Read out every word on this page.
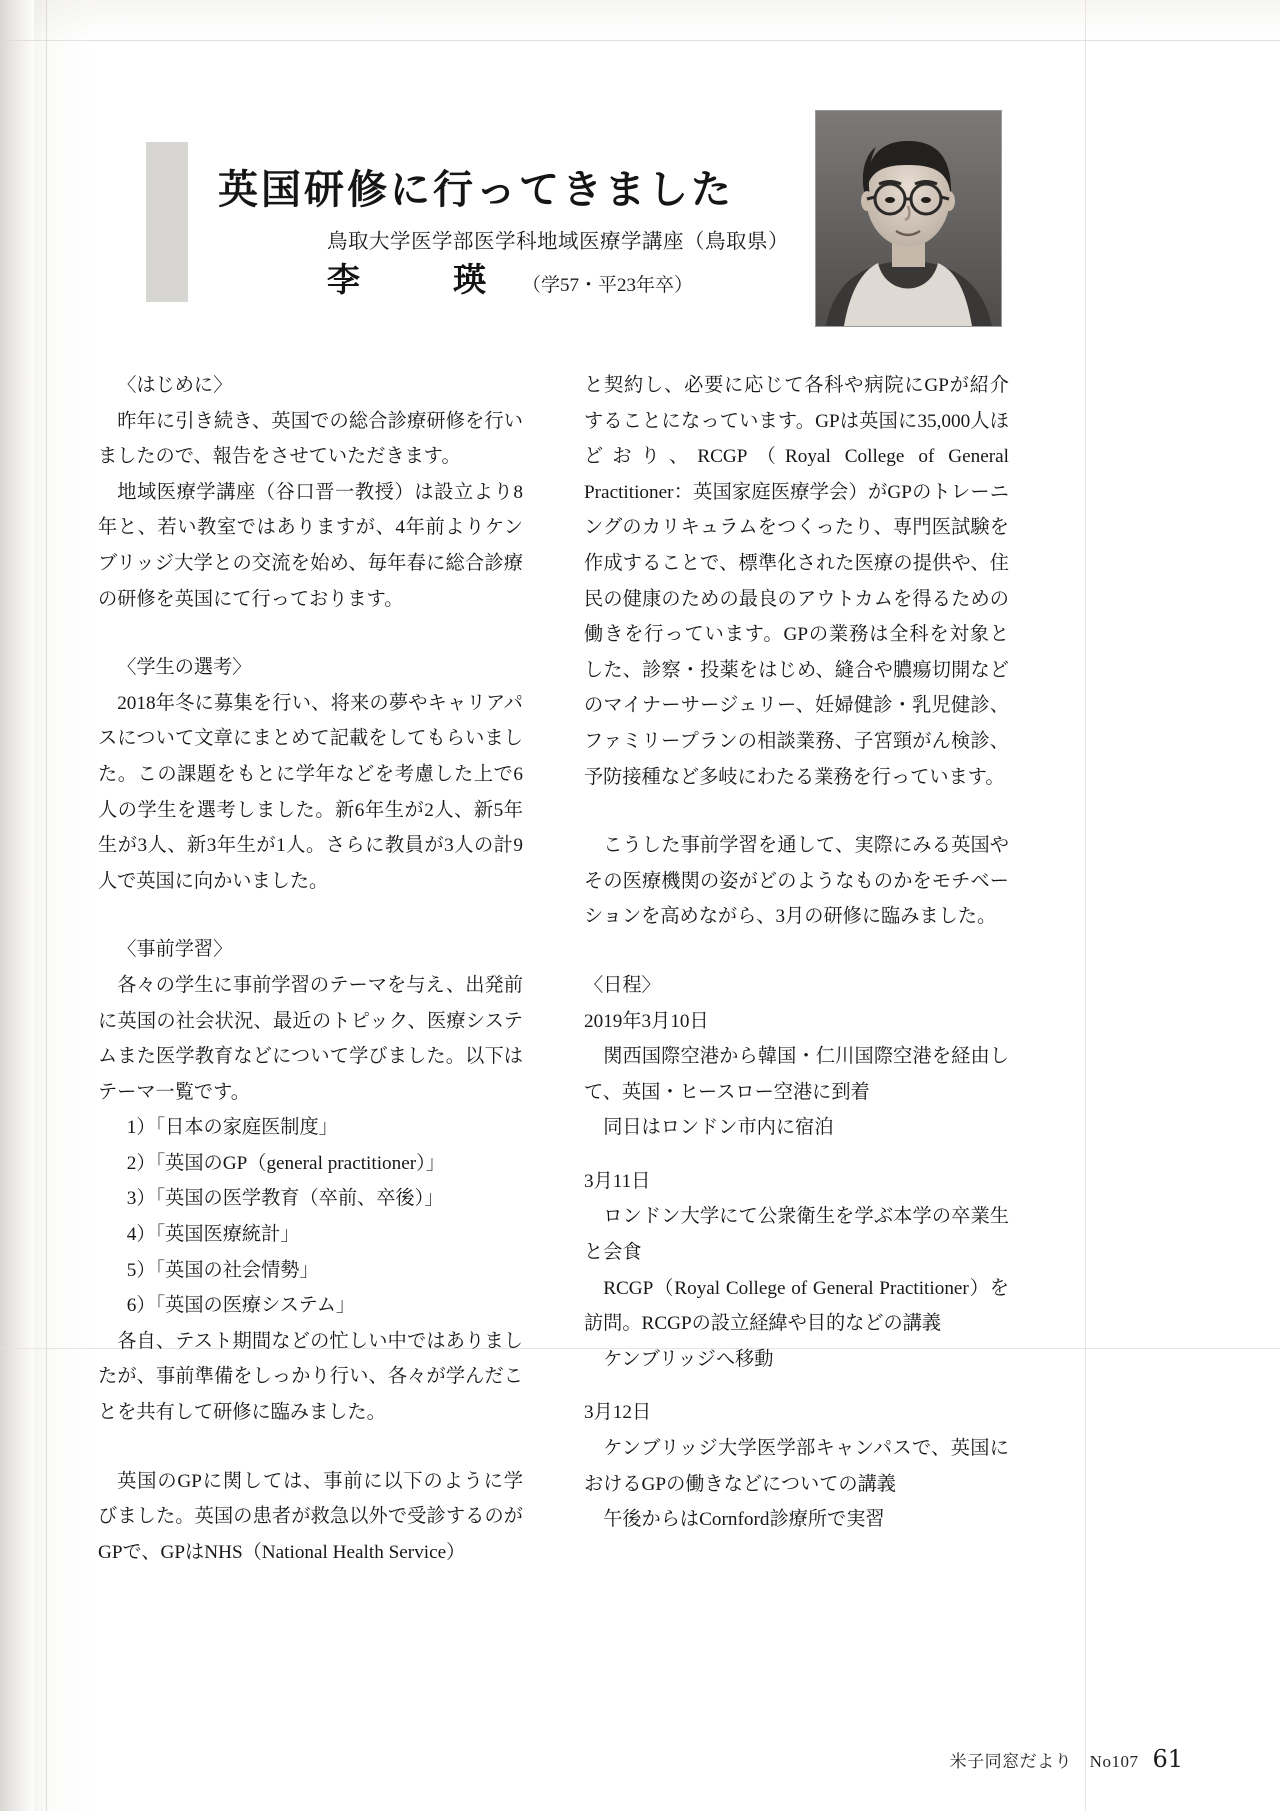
英国研修に行ってきました
鳥取大学医学部医学科地域医療学講座（鳥取県）
李　瑛 （学57・平23年卒）

〈はじめに〉

昨年に引き続き、英国での総合診療研修を行いましたので、報告をさせていただきます。

地域医療学講座（谷口晋一教授）は設立より8年と、若い教室ではありますが、4年前よりケンブリッジ大学との交流を始め、毎年春に総合診療の研修を英国にて行っております。

〈学生の選考〉

2018年冬に募集を行い、将来の夢やキャリアパスについて文章にまとめて記載をしてもらいました。この課題をもとに学年などを考慮した上で6人の学生を選考しました。新6年生が2人、新5年生が3人、新3年生が1人。さらに教員が3人の計9人で英国に向かいました。

〈事前学習〉

各々の学生に事前学習のテーマを与え、出発前に英国の社会状況、最近のトピック、医療システムまた医学教育などについて学びました。以下はテーマ一覧です。

1）「日本の家庭医制度」

2）「英国のGP（general practitioner）」

3）「英国の医学教育（卒前、卒後）」

4）「英国医療統計」

5）「英国の社会情勢」

6）「英国の医療システム」

各自、テスト期間などの忙しい中ではありましたが、事前準備をしっかり行い、各々が学んだことを共有して研修に臨みました。

英国のGPに関しては、事前に以下のように学びました。英国の患者が救急以外で受診するのがGPで、GPはNHS（National Health Service）

と契約し、必要に応じて各科や病院にGPが紹介することになっています。GPは英国に35,000人ほどおり、RCGP（Royal College of General Practitioner：英国家庭医療学会）がGPのトレーニングのカリキュラムをつくったり、専門医試験を作成することで、標準化された医療の提供や、住民の健康のための最良のアウトカムを得るための働きを行っています。GPの業務は全科を対象とした、診察・投薬をはじめ、縫合や膿瘍切開などのマイナーサージェリー、妊婦健診・乳児健診、ファミリープランの相談業務、子宮頸がん検診、予防接種など多岐にわたる業務を行っています。

こうした事前学習を通して、実際にみる英国やその医療機関の姿がどのようなものかをモチベーションを高めながら、3月の研修に臨みました。

〈日程〉

2019年3月10日

関西国際空港から韓国・仁川国際空港を経由して、英国・ヒースロー空港に到着

同日はロンドン市内に宿泊

3月11日

ロンドン大学にて公衆衛生を学ぶ本学の卒業生と会食

RCGP（Royal College of General Practitioner）を訪問。RCGPの設立経緯や目的などの講義

ケンブリッジへ移動

3月12日

ケンブリッジ大学医学部キャンパスで、英国におけるGPの働きなどについての講義

午後からはCornford診療所で実習

米子同窓だより　No107 61
